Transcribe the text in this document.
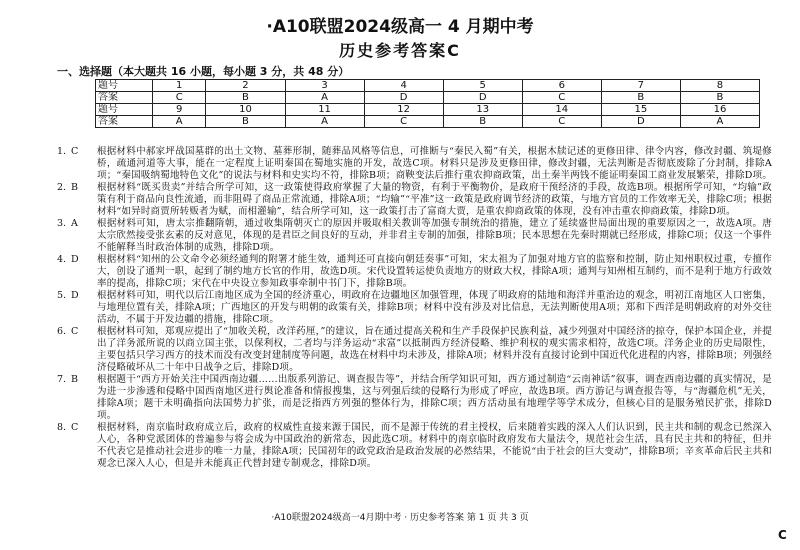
·A10联盟2024级高一 4 月期中考
历史参考答案C
一、选择题（本大题共 16 小题，每小题 3 分，共 48 分）
题号	1	2	3	4	5	6	7	8
答案	C	B	A	D	D	C	B	B
题号	9	10	11	12	13	14	15	16
答案	A	B	A	C	B	C	D	A
1. C	根据材料中郝家坪战国墓群的出土文物、墓葬形制，随葬品风格等信息，可推断与“秦民入蜀”有关，根据木牍记述的更修田律、律令内容，修改封疆、筑堤修桥，疏通河道等大事，能在一定程度上证明秦国在蜀地实施的开发，故选C项。材料只是涉及更修田律，修改封疆，无法判断是否彻底废除了分封制，排除A项；“秦国吸纳蜀地特色文化”的说法与材料和史实均不符，排除B项；商鞅变法后推行重农抑商政策，出土秦半两钱不能证明秦国工商业发展繁荣，排除D项。
2. B	根据材料“既买贵卖”并结合所学可知，这一政策使得政府掌握了大量的物资，有利于平衡物价，是政府干预经济的手段，故选B项。根据所学可知，“均输”政策有利于商品向良性流通，而非阻碍了商品正常流通，排除A项；“均输”“平准”这一政策是政府调节经济的政策，与地方官员的工作效率无关，排除C项；根据材料“如异时商贾所转贩者为赋，而相灌输”，结合所学可知，这一政策打击了富商大贾，是重农抑商政策的体现，没有冲击重农抑商政策，排除D项。
3. A	根据材料可知，唐太宗推翻隋朝，通过收集隋朝灭亡的原因并吸取相关教训等加强专制统治的措施，建立了延续盛世局面出现的重要原因之一，故选A项。唐太宗欣然接受张玄素的反对意见，体现的是君臣之间良好的互动，并非君主专制的加强，排除B项；民本思想在先秦时期就已经形成，排除C项；仅这一个事件不能解释当时政治体制的成熟，排除D项。
4. D	根据材料“知州的公文命令必须经通判的附署才能生效，通判还可直接向朝廷奏事”可知，宋太祖为了加强对地方官的监察和控制，防止知州职权过重，专擅作大，创设了通判一职，起到了制约地方长官的作用，故选D项。宋代设置转运使负责地方的财政大权，排除A项；通判与知州相互制约，而不是利于地方行政效率的提高，排除C项；宋代在中央设立参知政事牵制中书门下，排除B项。
5. D	根据材料可知，明代以后江南地区成为全国的经济重心，明政府在边疆地区加强管理，体现了明政府的陆地和海洋并重治边的观念，明初江南地区人口密集，与地理位置有关，排除A项；广西地区的开发与明朝的政策有关，排除B项；材料中没有涉及对比信息，无法判断使用A项；郑和下西洋是明朝政府的对外交往活动，不属于开发边疆的措施，排除C项。
6. C	根据材料可知，郑观应提出了“加收关税，改洋药厘，”的建议，旨在通过提高关税和生产手段保护民族利益，减少列强对中国经济的掠夺，保护本国企业，并提出了洋务派所说的以商立国主张，以保利权，二者均与洋务运动“求富”以抵制西方经济侵略、维护利权的观实需求相符，故选C项。洋务企业的历史局限性，主要包括只学习西方的技术而没有改变封建制度等问题，故选在材料中均未涉及，排除A项；材料并没有直接讨论到中国近代化进程的内容，排除B项；列强经济侵略破坏从二十年中日战争之后，排除D项。
7. B	根据题干“西方开始关注中国西南边疆……出版系列游记、调查报告等”，并结合所学知识可知，西方通过制造“云南神话”叙事，调查西南边疆的真实情况，是为进一步渗透和侵略中国西南地区进行舆论准备和情报搜集，这与列强后续的侵略行为形成了呼应，故选B项。西方游记与调查报告等，与“海疆危机”无关，排除A项；题干未明确指向法国势力扩张，而是泛指西方列强的整体行为，排除C项；西方活动虽有地理学等学术成分，但核心目的是服务殖民扩张，排除D项。
8. C	根据材料，南京临时政府成立后，政府的权威性直接来源于国民，而不是源于传统的君主授权，后来随着实践的深入人们认识到，民主共和制的观念已然深入人心，各种党派团体的普遍参与将会成为中国政治的新常态，因此选C项。材料中的南京临时政府发布大量法令，规范社会生活，具有民主共和的特征，但并不代表它是推动社会进步的唯一力量，排除A项；民国初年的政党政治是政治发展的必然结果，不能说“由于社会的巨大变动”，排除B项；辛亥革命后民主共和观念已深入人心，但是并未能真正代替封建专制观念，排除D项。
·A10联盟2024级高一4月期中考 · 历史参考答案 第 1 页 共 3 页
C
